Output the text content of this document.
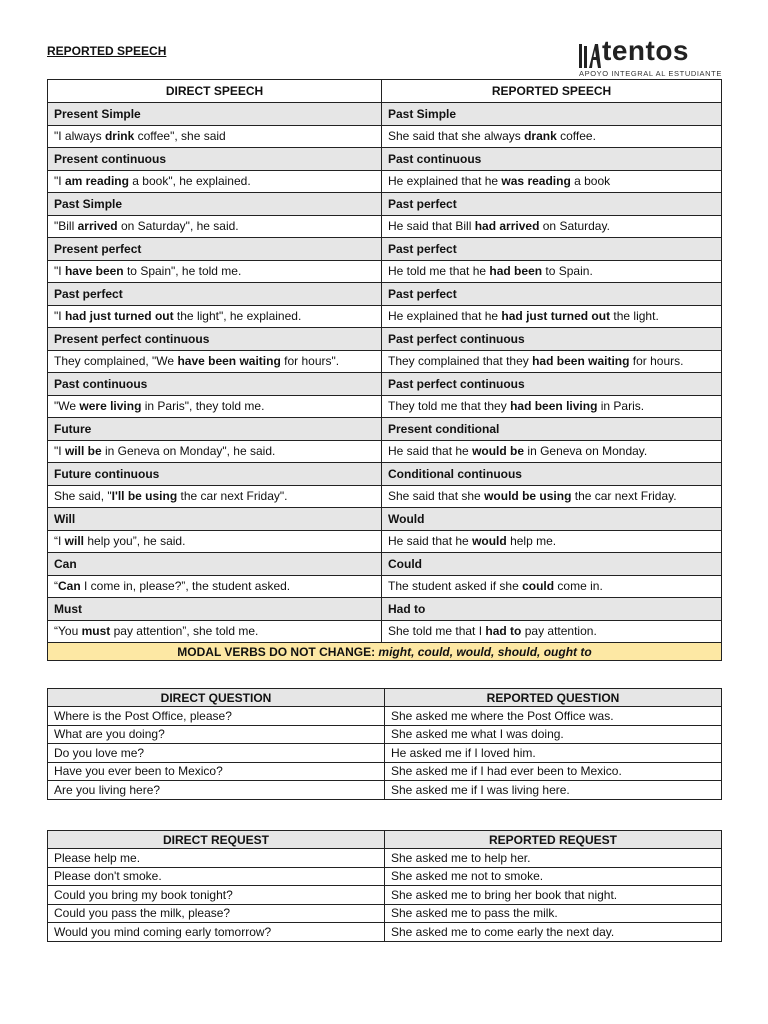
REPORTED SPEECH	tentos
APOYO INTEGRAL AL ESTUDIANTE
DIRECT SPEECH	REPORTED SPEECH
Present Simple	Past Simple
"I always drink coffee", she said	She said that she always drank coffee.
Present continuous	Past continuous
"I am reading a book", he explained.	He explained that he was reading a book
Past Simple	Past perfect
"Bill arrived on Saturday", he said.	He said that Bill had arrived on Saturday.
Present perfect	Past perfect
"I have been to Spain", he told me.	He told me that he had been to Spain.
Past perfect	Past perfect
"I had just turned out the light", he explained.	He explained that he had just turned out the light.
Present perfect continuous	Past perfect continuous
They complained, "We have been waiting for hours".	They complained that they had been waiting for hours.
Past continuous	Past perfect continuous
"We were living in Paris", they told me.	They told me that they had been living in Paris.
Future	Present conditional
"I will be in Geneva on Monday", he said.	He said that he would be in Geneva on Monday.
Future continuous	Conditional continuous
She said, "I'll be using the car next Friday".	She said that she would be using the car next Friday.
Will	Would
“I will help you”, he said.	He said that he would help me.
Can	Could
“Can I come in, please?”, the student asked.	The student asked if she could come in.
Must	Had to
“You must pay attention”, she told me.	She told me that I had to pay attention.
MODAL VERBS DO NOT CHANGE: might, could, would, should, ought to	
DIRECT QUESTION	REPORTED QUESTION
Where is the Post Office, please?	She asked me where the Post Office was.
What are you doing?	She asked me what I was doing.
Do you love me?	He asked me if I loved him.
Have you ever been to Mexico?	She asked me if I had ever been to Mexico.
Are you living here?	She asked me if I was living here.
DIRECT REQUEST	REPORTED REQUEST
Please help me.	She asked me to help her.
Please don't smoke.	She asked me not to smoke.
Could you bring my book tonight?	She asked me to bring her book that night.
Could you pass the milk, please?	She asked me to pass the milk.
Would you mind coming early tomorrow?	She asked me to come early the next day.
